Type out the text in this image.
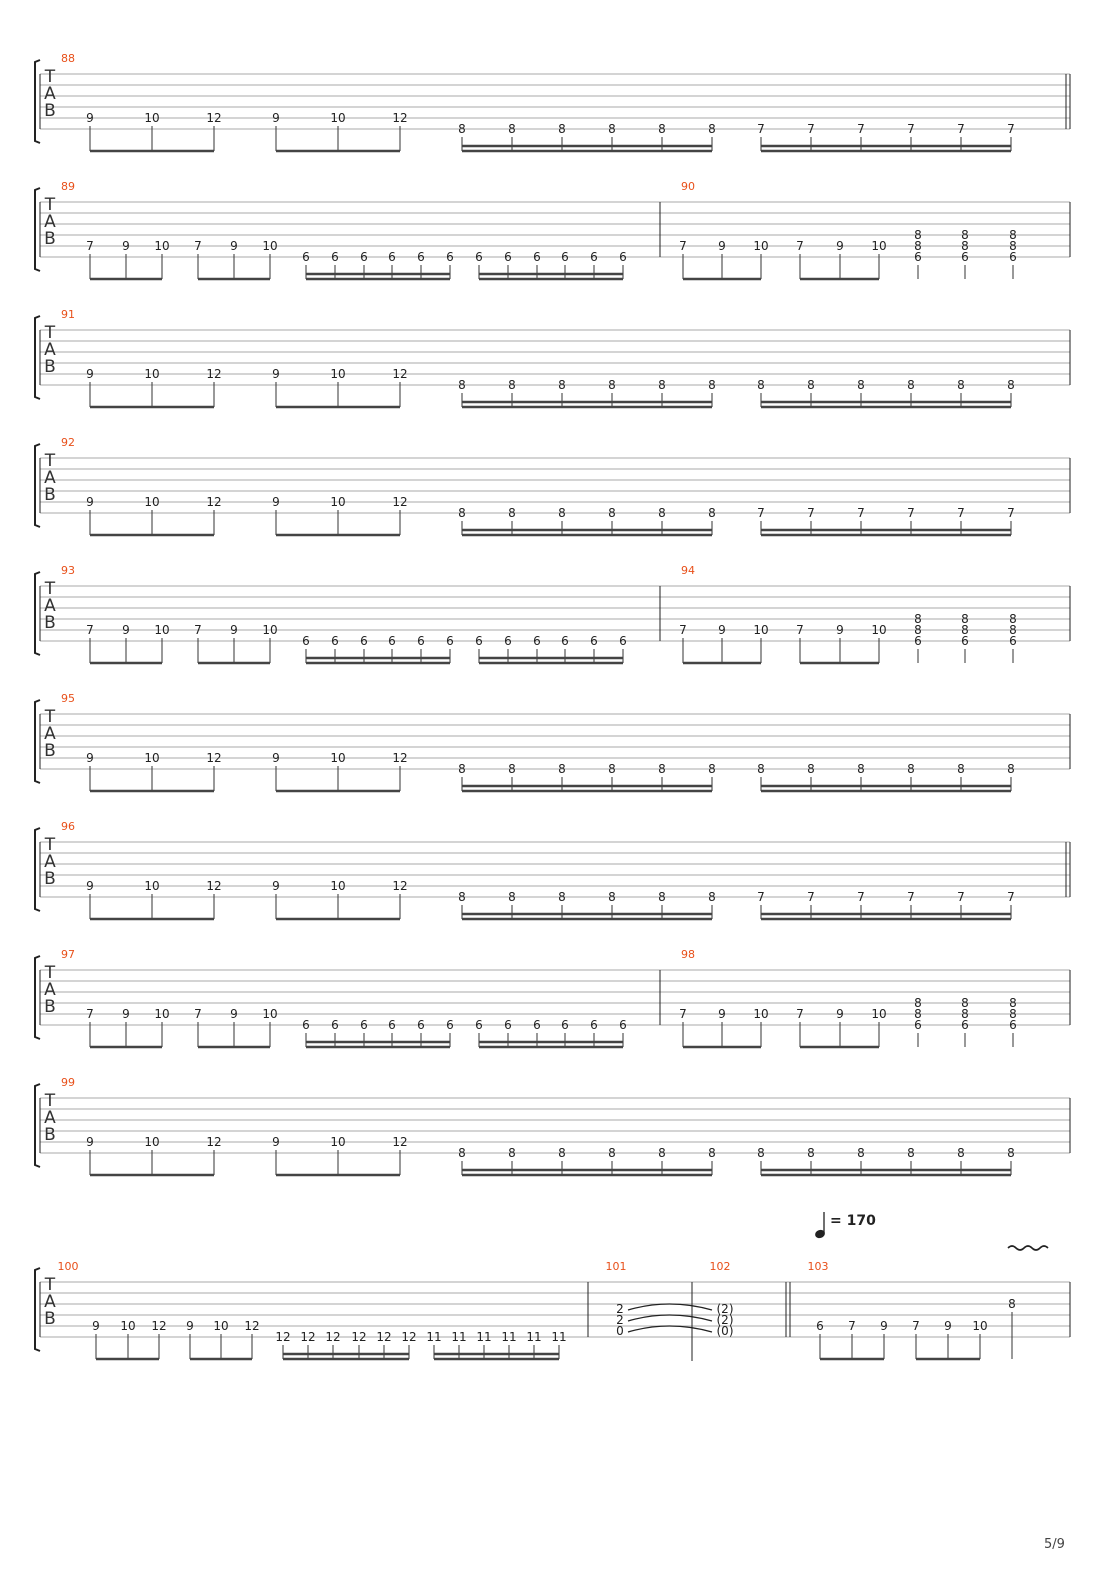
T
A
B
88
9	10	12	9	10	12
8	8	8	8	8	8	7	7	7	7	7	7
T
A
B
89
7 9 10 7 9 10
6 6 6 6 6 6 6 6 6 6 6 6
90
7	9 10 7	9 10
8
8
6
8
8
6
8
8
6
T
A
B
91
9	10	12	9	10	12
8	8	8	8	8	8	8	8	8	8	8	8
T
A
B
92
9	10	12	9	10	12
8	8	8	8	8	8	7	7	7	7	7	7
T
A
B
93
7 9 10 7 9 10
6 6 6 6 6 6 6 6 6 6 6 6
94
7	9 10 7	9 10
8
8
6
8
8
6
8
8
6
T
A
B
95
9	10	12	9	10	12
8	8	8	8	8	8	8	8	8	8	8	8
T
A
B
96
9	10	12	9	10	12
8	8	8	8	8	8	7	7	7	7	7	7
T
A
B
97
7 9 10 7 9 10
6 6 6 6 6 6 6 6 6 6 6 6
98
7	9 10 7	9 10
8
8
6
8
8
6
8
8
6
T
A
B
99
9	10	12	9	10	12
8	8	8	8	8	8	8	8	8	8	8	8
T
A
B
100
9 10 12 9 10 12
12 12 12 12 12 12 11 11 11 11 11 11
101
2
2
0
102
(2)
(2)
(0)
103
6 7 9 7 9 10
8
= 170
5/9
